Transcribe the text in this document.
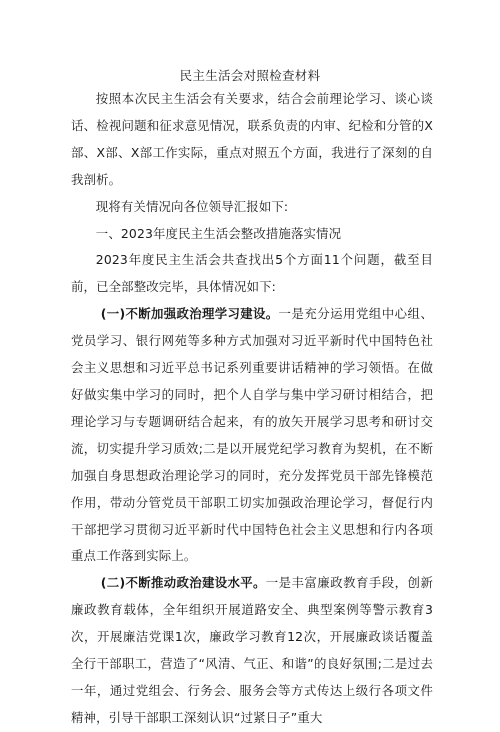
民主生活会对照检查材料

按照本次民主生活会有关要求，结合会前理论学习、谈心谈话、检视问题和征求意见情况，联系负责的内审、纪检和分管的X部、X部、X部工作实际，重点对照五个方面，我进行了深刻的自我剖析。

现将有关情况向各位领导汇报如下:

一、2023年度民主生活会整改措施落实情况

2023年度民主生活会共查找出5个方面11个问题，截至目前，已全部整改完毕，具体情况如下:

(一)不断加强政治理学习建设。一是充分运用党组中心组、党员学习、银行网苑等多种方式加强对习近平新时代中国特色社会主义思想和习近平总书记系列重要讲话精神的学习领悟。在做好做实集中学习的同时，把个人自学与集中学习研讨相结合，把理论学习与专题调研结合起来，有的放矢开展学习思考和研讨交流，切实提升学习质效;二是以开展党纪学习教育为契机，在不断加强自身思想政治理论学习的同时，充分发挥党员干部先锋模范作用，带动分管党员干部职工切实加强政治理论学习，督促行内干部把学习贯彻习近平新时代中国特色社会主义思想和行内各项重点工作落到实际上。

(二)不断推动政治建设水平。一是丰富廉政教育手段，创新廉政教育载体，全年组织开展道路安全、典型案例等警示教育3次，开展廉洁党课1次，廉政学习教育12次，开展廉政谈话覆盖全行干部职工，营造了“风清、气正、和谐”的良好氛围;二是过去一年，通过党组会、行务会、服务会等方式传达上级行各项文件精神，引导干部职工深刻认识“过紧日子”重大
